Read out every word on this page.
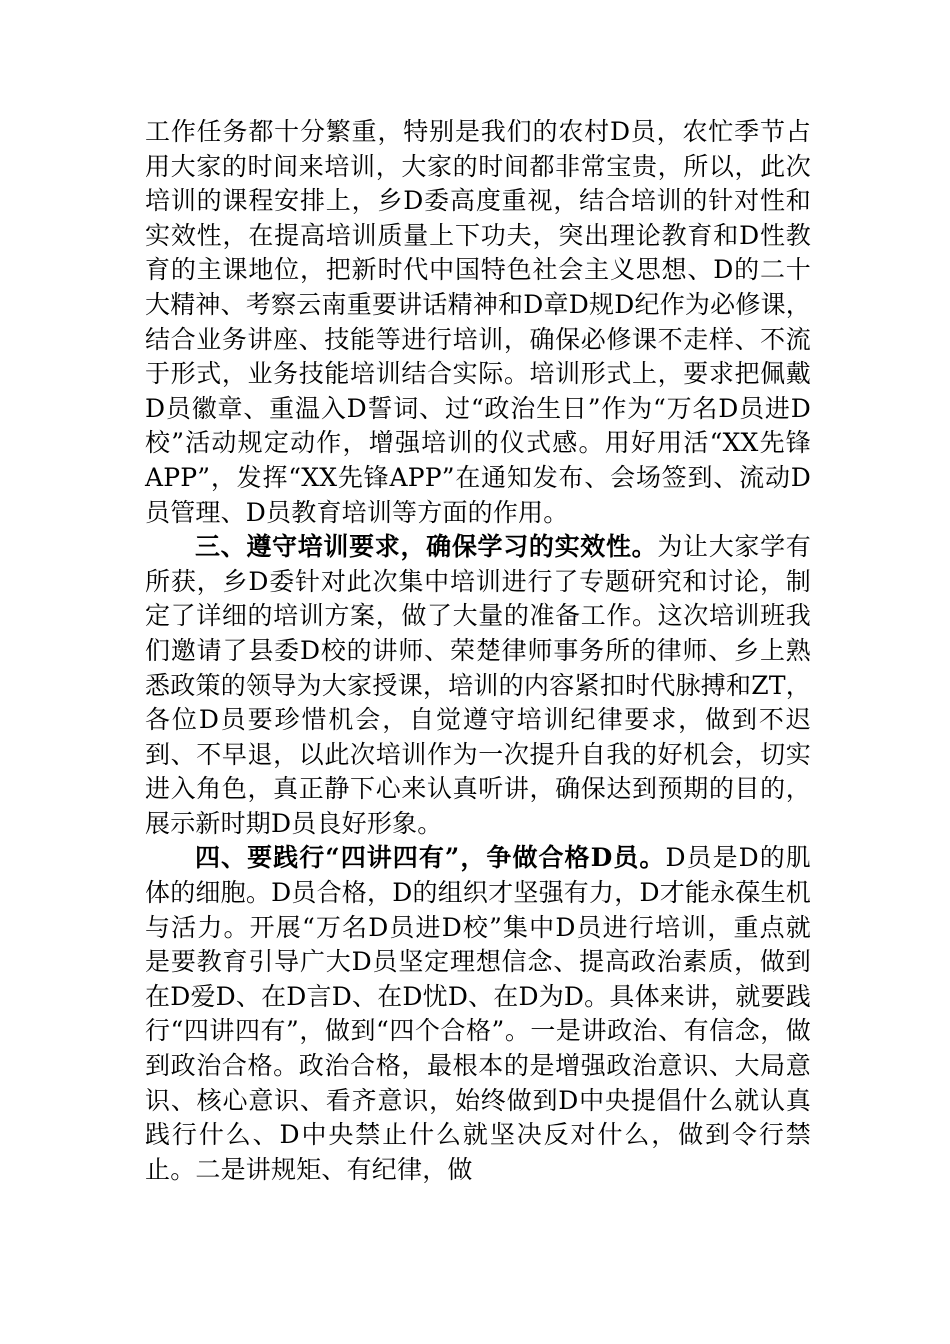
工作任务都十分繁重，特别是我们的农村D员，农忙季节占用大家的时间来培训，大家的时间都非常宝贵，所以，此次培训的课程安排上，乡D委高度重视，结合培训的针对性和实效性，在提高培训质量上下功夫，突出理论教育和D性教育的主课地位，把新时代中国特色社会主义思想、D的二十大精神、考察云南重要讲话精神和D章D规D纪作为必修课，结合业务讲座、技能等进行培训，确保必修课不走样、不流于形式，业务技能培训结合实际。培训形式上，要求把佩戴D员徽章、重温入D誓词、过“政治生日”作为“万名D员进D校”活动规定动作，增强培训的仪式感。用好用活“XX先锋APP”，发挥“XX先锋APP”在通知发布、会场签到、流动D员管理、D员教育培训等方面的作用。

三、遵守培训要求，确保学习的实效性。为让大家学有所获，乡D委针对此次集中培训进行了专题研究和讨论，制定了详细的培训方案，做了大量的准备工作。这次培训班我们邀请了县委D校的讲师、荣楚律师事务所的律师、乡上熟悉政策的领导为大家授课，培训的内容紧扣时代脉搏和ZT，各位D员要珍惜机会，自觉遵守培训纪律要求，做到不迟到、不早退，以此次培训作为一次提升自我的好机会，切实进入角色，真正静下心来认真听讲，确保达到预期的目的，展示新时期D员良好形象。

四、要践行“四讲四有”，争做合格D员。D员是D的肌体的细胞。D员合格，D的组织才坚强有力，D才能永葆生机与活力。开展“万名D员进D校”集中D员进行培训，重点就是要教育引导广大D员坚定理想信念、提高政治素质，做到在D爱D、在D言D、在D忧D、在D为D。具体来讲，就要践行“四讲四有”，做到“四个合格”。一是讲政治、有信念，做到政治合格。政治合格，最根本的是增强政治意识、大局意识、核心意识、看齐意识，始终做到D中央提倡什么就认真践行什么、D中央禁止什么就坚决反对什么，做到令行禁止。二是讲规矩、有纪律，做
